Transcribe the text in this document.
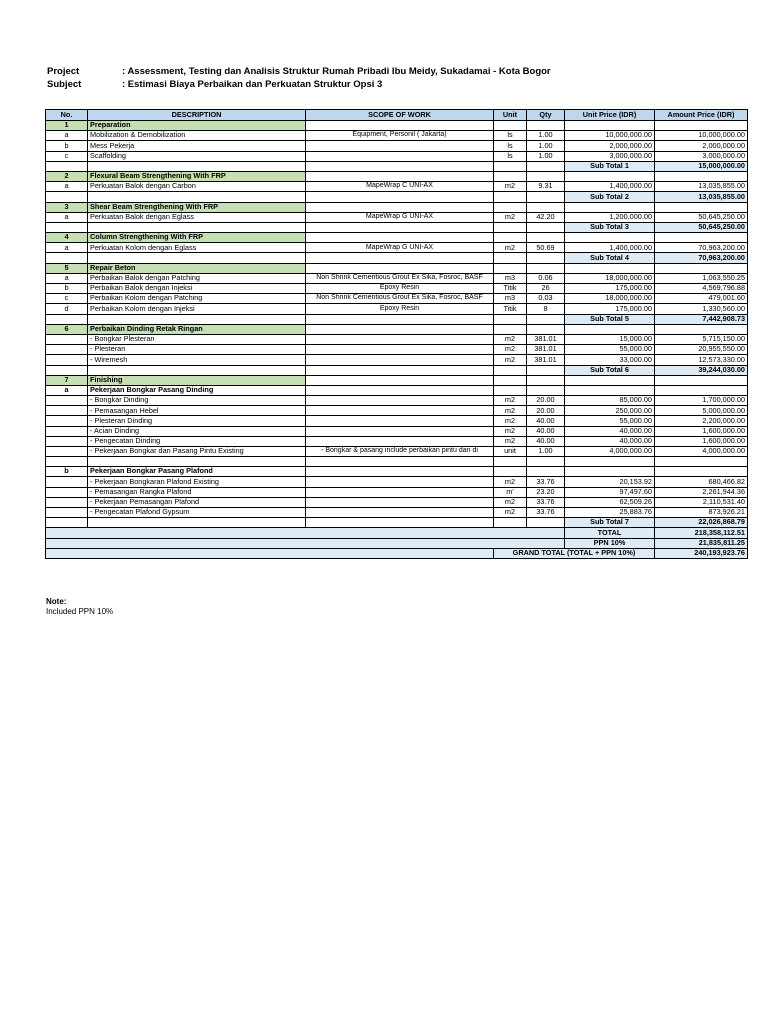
Project	: Assessment, Testing dan Analisis Struktur Rumah Pribadi Ibu Meidy, Sukadamai - Kota Bogor
Subject	: Estimasi Biaya Perbaikan dan Perkuatan Struktur Opsi 3
No.	DESCRIPTION	SCOPE OF WORK	Unit	Qty	Unit Price (IDR)	Amount Price (IDR)
1	Preparation					
a	Mobilization & Demobilization	Equipment, Personil ( Jakarta)	ls	1.00	10,000,000.00	10,000,000.00
b	Mess Pekerja		ls	1.00	2,000,000.00	2,000,000.00
c	Scaffolding		ls	1.00	3,000,000.00	3,000,000.00
					Sub Total 1	15,000,000.00
2	Flexural Beam Strengthening With FRP					
a	Perkuatan Balok dengan Carbon	MapeWrap C UNI-AX	m2	9.31	1,400,000.00	13,035,855.00
					Sub Total 2	13,035,855.00
3	Shear Beam Strengthening With FRP					
a	Perkuatan Balok dengan Eglass	MapeWrap G UNI-AX	m2	42.20	1,200,000.00	50,645,250.00
					Sub Total 3	50,645,250.00
4	Column Strengthening With FRP					
a	Perkuatan Kolom dengan Eglass	MapeWrap G UNI-AX	m2	50.69	1,400,000.00	70,963,200.00
					Sub Total 4	70,963,200.00
5	Repair Beton					
a	Perbaikan Balok dengan Patching	Non Shrink Cementious Grout Ex Sika, Fosroc, BASF	m3	0.06	18,000,000.00	1,063,550.25
b	Perbaikan Balok dengan Injeksi	Epoxy Resin	Titik	26	175,000.00	4,569,796.88
c	Perbaikan Kolom dengan Patching	Non Shrink Cementious Grout Ex Sika, Fosroc, BASF	m3	0.03	18,000,000.00	479,001.60
d	Perbaikan Kolom dengan Injeksi	Epoxy Resin	Titik	8	175,000.00	1,330,560.00
					Sub Total 5	7,442,908.73
6	Perbaikan Dinding Retak Ringan					
	- Bongkar Plesteran		m2	381.01	15,000.00	5,715,150.00
	- Plesteran		m2	381.01	55,000.00	20,955,550.00
	- Wiremesh		m2	381.01	33,000.00	12,573,330.00
					Sub Total 6	39,244,030.00
7	Finishing					
a	Pekerjaan Bongkar Pasang Dinding					
	- Bongkar Dinding		m2	20.00	85,000.00	1,700,000.00
	- Pemasangan Hebel		m2	20.00	250,000.00	5,000,000.00
	- Plesteran Dinding		m2	40.00	55,000.00	2,200,000.00
	- Acian Dinding		m2	40.00	40,000.00	1,600,000.00
	- Pengecatan Dinding		m2	40.00	40,000.00	1,600,000.00
	- Pekerjaan Bongkar dan Pasang Pintu Existing	- Bongkar & pasang include perbaikan pintu dan di	unit	1.00	4,000,000.00	4,000,000.00

b	Pekerjaan Bongkar Pasang Plafond					
	- Pekerjaan Bongkaran Plafond Existing		m2	33.76	20,153.92	680,466.82
	- Pemasangan Rangka Plafond		m'	23.20	97,497.60	2,261,944.36
	- Pekerjaan Pemasangan Plafond		m2	33.76	62,509.26	2,110,531.40
	- Pengecatan Plafond Gypsum		m2	33.76	25,883.76	873,926.21
					Sub Total 7	22,026,868.79
					TOTAL	218,358,112.51
					PPN 10%	21,835,811.25
			GRAND TOTAL (TOTAL + PPN 10%)			240,193,923.76
Note:
Included PPN 10%
